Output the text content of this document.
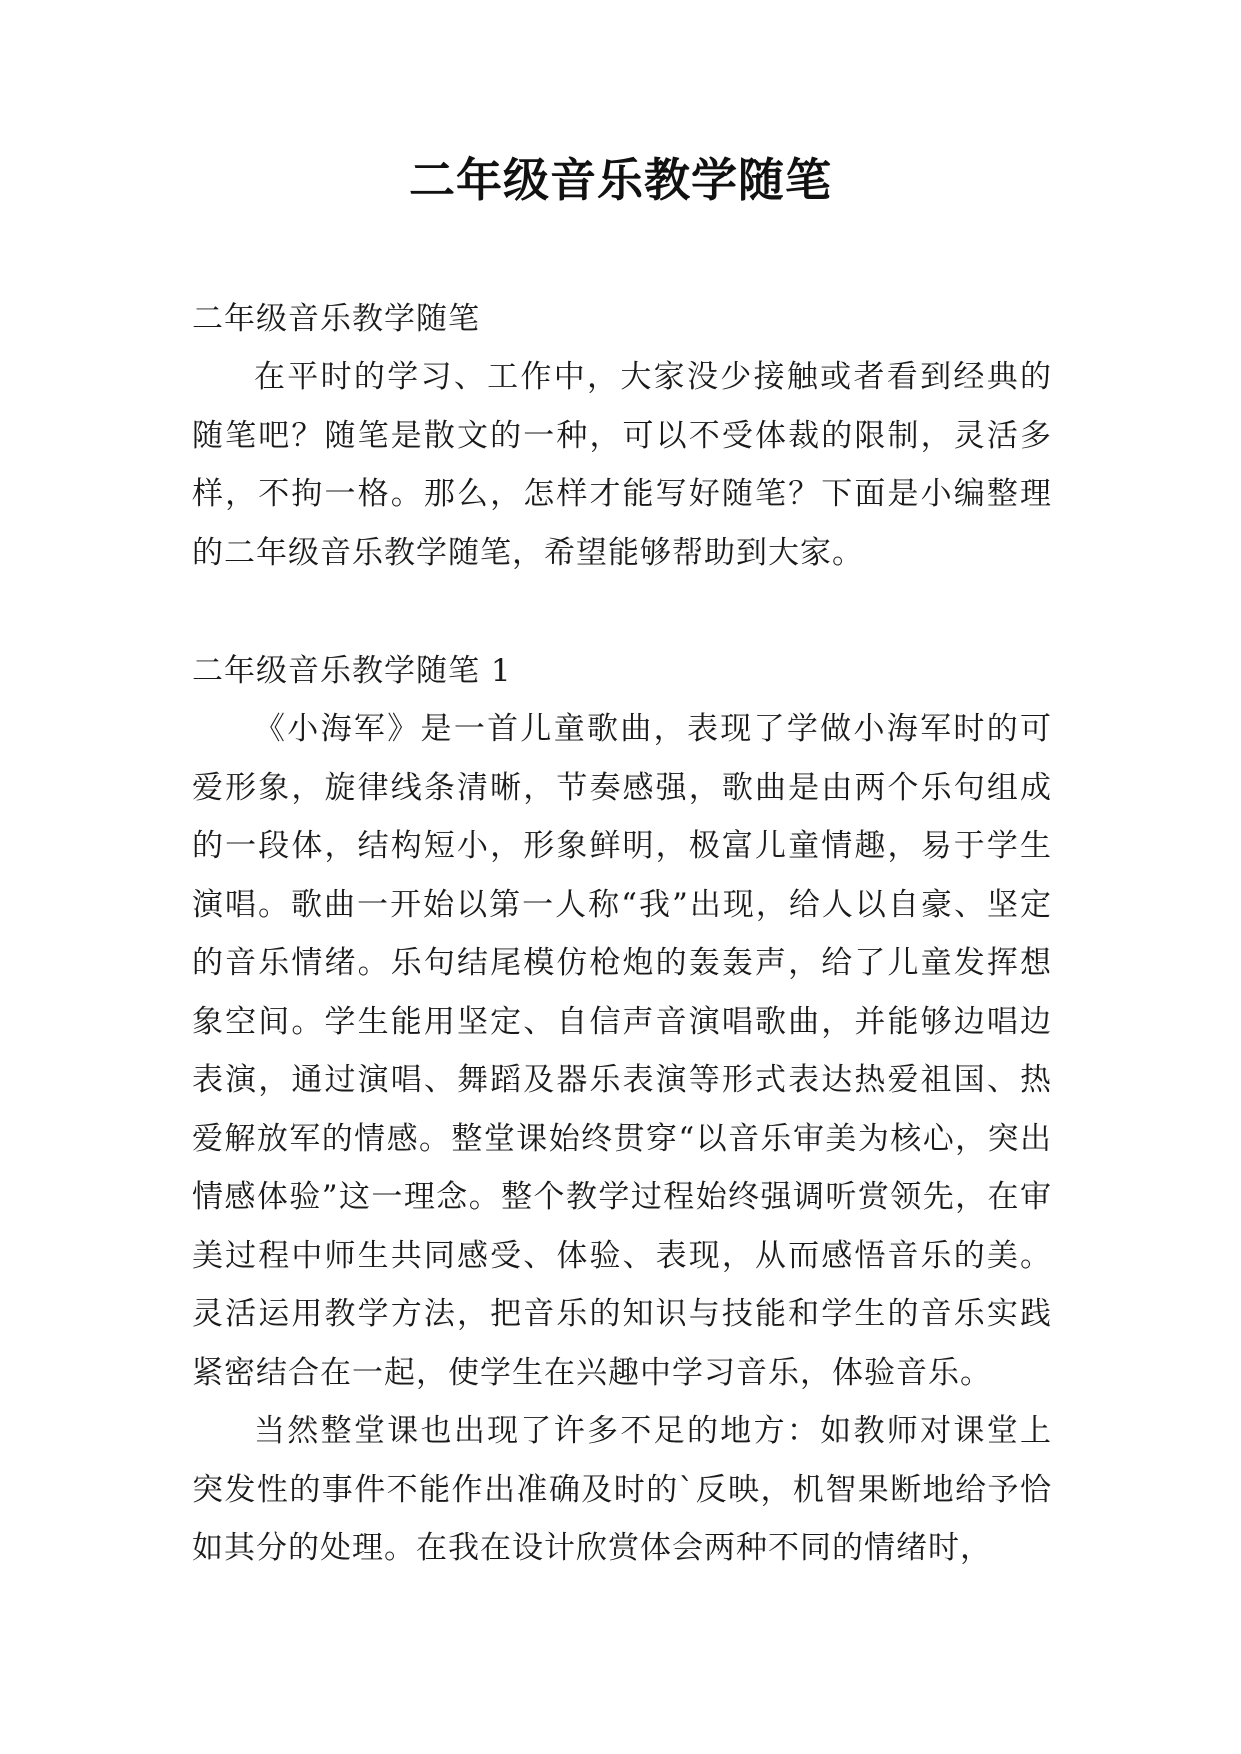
二年级音乐教学随笔

二年级音乐教学随笔

在平时的学习、工作中，大家没少接触或者看到经典的随笔吧？随笔是散文的一种，可以不受体裁的限制，灵活多样，不拘一格。那么，怎样才能写好随笔？下面是小编整理的二年级音乐教学随笔，希望能够帮助到大家。

二年级音乐教学随笔 1

《小海军》是一首儿童歌曲，表现了学做小海军时的可爱形象，旋律线条清晰，节奏感强，歌曲是由两个乐句组成的一段体，结构短小，形象鲜明，极富儿童情趣，易于学生演唱。歌曲一开始以第一人称“我”出现，给人以自豪、坚定的音乐情绪。乐句结尾模仿枪炮的轰轰声，给了儿童发挥想象空间。学生能用坚定、自信声音演唱歌曲，并能够边唱边表演，通过演唱、舞蹈及器乐表演等形式表达热爱祖国、热爱解放军的情感。整堂课始终贯穿“以音乐审美为核心，突出情感体验”这一理念。整个教学过程始终强调听赏领先，在审美过程中师生共同感受、体验、表现，从而感悟音乐的美。灵活运用教学方法，把音乐的知识与技能和学生的音乐实践紧密结合在一起，使学生在兴趣中学习音乐，体验音乐。

当然整堂课也出现了许多不足的地方：如教师对课堂上突发性的事件不能作出准确及时的`反映，机智果断地给予恰如其分的处理。在我在设计欣赏体会两种不同的情绪时，
